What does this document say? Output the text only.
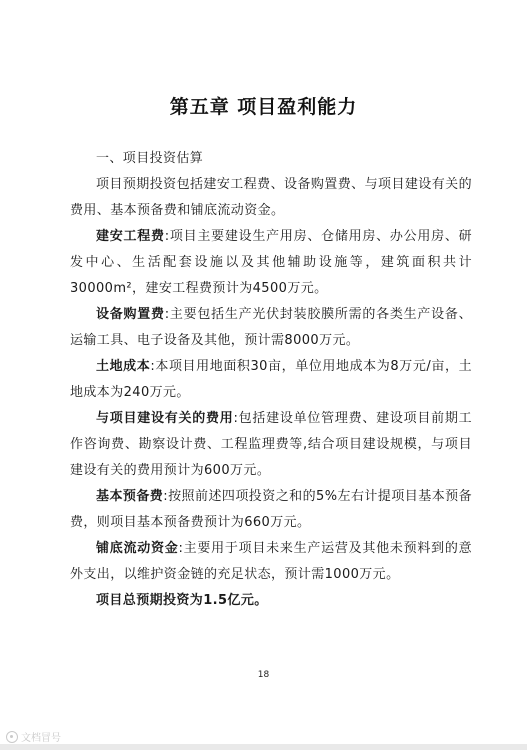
第五章 项目盈利能力

一、项目投资估算

项目预期投资包括建安工程费、设备购置费、与项目建设有关的费用、基本预备费和铺底流动资金。

建安工程费:项目主要建设生产用房、仓储用房、办公用房、研发中心、生活配套设施以及其他辅助设施等，建筑面积共计30000m²，建安工程费预计为4500万元。

设备购置费:主要包括生产光伏封装胶膜所需的各类生产设备、运输工具、电子设备及其他，预计需8000万元。

土地成本:本项目用地面积30亩，单位用地成本为8万元/亩，土地成本为240万元。

与项目建设有关的费用:包括建设单位管理费、建设项目前期工作咨询费、勘察设计费、工程监理费等,结合项目建设规模，与项目建设有关的费用预计为600万元。

基本预备费:按照前述四项投资之和的5%左右计提项目基本预备费，则项目基本预备费预计为660万元。

铺底流动资金:主要用于项目未来生产运营及其他未预料到的意外支出，以维护资金链的充足状态，预计需1000万元。

项目总预期投资为1.5亿元。

18
文档冒号
